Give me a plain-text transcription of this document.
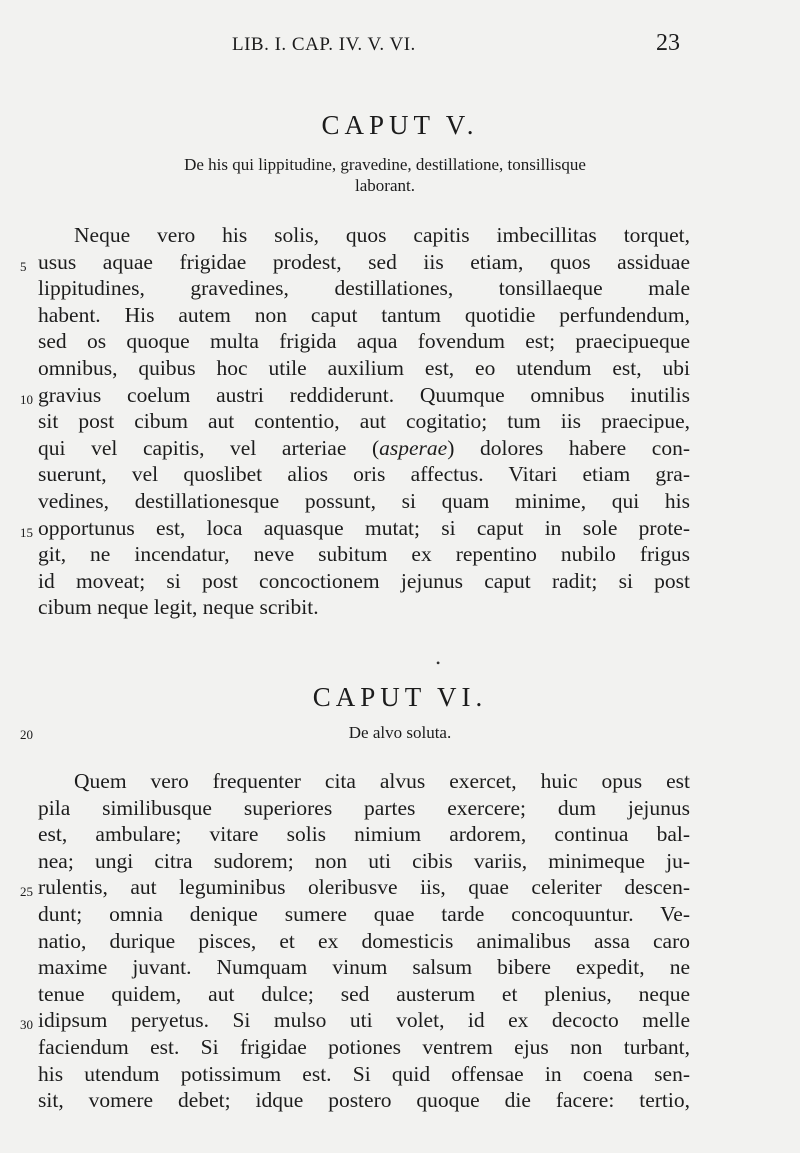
LIB. I. CAP. IV. V. VI.	23
CAPUT V.
De his qui lippitudine, gravedine, destillatione, tonsillisque
laborant.
Neque vero his solis, quos capitis imbecillitas torquet,
usus aquae frigidae prodest, sed iis etiam, quos assiduae
lippitudines, gravedines, destillationes, tonsillaeque male
habent. His autem non caput tantum quotidie perfundendum,
sed os quoque multa frigida aqua fovendum est; praecipueque
omnibus, quibus hoc utile auxilium est, eo utendum est, ubi
gravius coelum austri reddiderunt. Quumque omnibus inutilis
sit post cibum aut contentio, aut cogitatio; tum iis praecipue,
qui vel capitis, vel arteriae (asperae) dolores habere con-
suerunt, vel quoslibet alios oris affectus. Vitari etiam gra-
vedines, destillationesque possunt, si quam minime, qui his
opportunus est, loca aquasque mutat; si caput in sole prote-
git, ne incendatur, neve subitum ex repentino nubilo frigus
id moveat; si post concoctionem jejunus caput radit; si post
cibum neque legit, neque scribit.
CAPUT VI.
De alvo soluta.
Quem vero frequenter cita alvus exercet, huic opus est
pila similibusque superiores partes exercere; dum jejunus
est, ambulare; vitare solis nimium ardorem, continua bal-
nea; ungi citra sudorem; non uti cibis variis, minimeque ju-
rulentis, aut leguminibus oleribusve iis, quae celeriter descen-
dunt; omnia denique sumere quae tarde concoquuntur. Ve-
natio, durique pisces, et ex domesticis animalibus assa caro
maxime juvant. Numquam vinum salsum bibere expedit, ne
tenue quidem, aut dulce; sed austerum et plenius, neque
idipsum peryetus. Si mulso uti volet, id ex decocto melle
faciendum est. Si frigidae potiones ventrem ejus non turbant,
his utendum potissimum est. Si quid offensae in coena sen-
sit, vomere debet; idque postero quoque die facere: tertio,
5
10
15
20
25
30
•
